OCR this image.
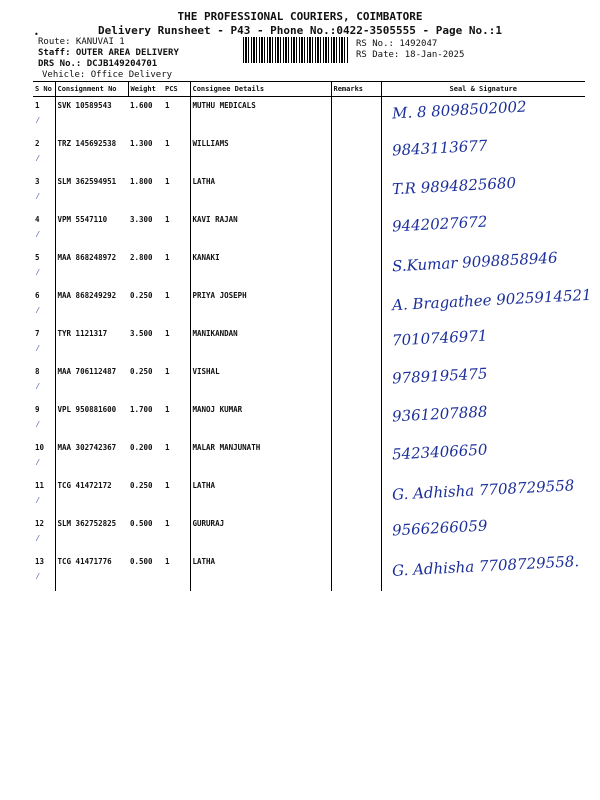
THE PROFESSIONAL COURIERS, COIMBATORE
Delivery Runsheet - P43 - Phone No.:0422-3505555 - Page No.:1
•
Route: KANUVAI 1
Staff: OUTER AREA DELIVERY
DRS No.: DCJB149204701
Vehicle: Office Delivery
RS No.: 1492047
RS Date: 18-Jan-2025
S No	Consignment No	Weight	PCS	Consignee Details	Remarks	Seal & Signature
1
⁄	SVK 10589543	1.600	1	MUTHU MEDICALS		M. 8 8098502002

2
⁄	TRZ 145692538	1.300	1	WILLIAMS		9843113677

3
⁄	SLM 362594951	1.800	1	LATHA		T.R 9894825680

4
⁄	VPM 5547110	3.300	1	KAVI RAJAN		9442027672

5
⁄	MAA 868248972	2.800	1	KANAKI		S.Kumar 9098858946

6
⁄	MAA 868249292	0.250	1	PRIYA JOSEPH		A. Bragathee 9025914521

7
⁄	TYR 1121317	3.500	1	MANIKANDAN		7010746971

8
⁄	MAA 706112487	0.250	1	VISHAL		9789195475

9
⁄	VPL 950881600	1.700	1	MANOJ KUMAR		9361207888

10
⁄	MAA 302742367	0.200	1	MALAR MANJUNATH		5423406650

11
⁄	TCG 41472172	0.250	1	LATHA		G. Adhisha 7708729558

12
⁄	SLM 362752825	0.500	1	GURURAJ		9566266059

13
⁄	TCG 41471776	0.500	1	LATHA		G. Adhisha 7708729558.
